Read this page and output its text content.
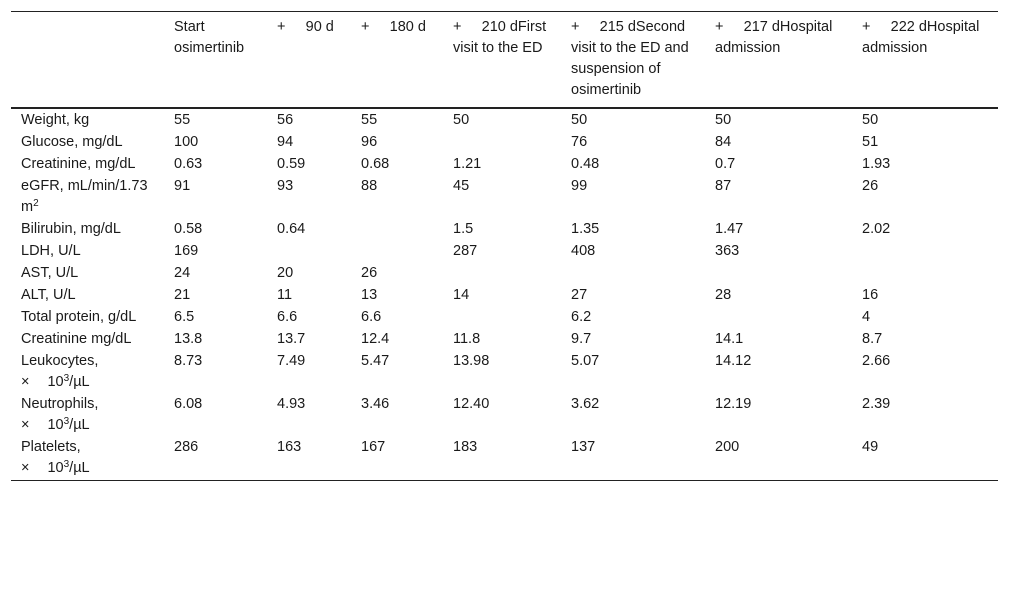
	Start osimertinib	+ 90 d	+ 180 d	+ 210 dFirst visit to the ED	+ 215 dSecond visit to the ED and suspension of osimertinib	+ 217 dHospital admission	+ 222 dHospital admission
Weight, kg	55	56	55	50	50	50	50
Glucose, mg/dL	100	94	96		76	84	51
Creatinine, mg/dL	0.63	0.59	0.68	1.21	0.48	0.7	1.93
eGFR, mL/min/1.73 $m^2$	91	93	88	45	99	87	26
Bilirubin, mg/dL	0.58	0.64		1.5	1.35	1.47	2.02
LDH, U/L	169			287	408	363	
AST, U/L	24	20	26				
ALT, U/L	21	11	13	14	27	28	16
Total protein, g/dL	6.5	6.6	6.6		6.2		4
Creatinine mg/dL	13.8	13.7	12.4	11.8	9.7	14.1	8.7
Leukocytes,
× $10^3/\mu L$	8.73	7.49	5.47	13.98	5.07	14.12	2.66
Neutrophils,
× $10^3/\mu L$	6.08	4.93	3.46	12.40	3.62	12.19	2.39
Platelets,
× $10^3/\mu L$	286	163	167	183	137	200	49
